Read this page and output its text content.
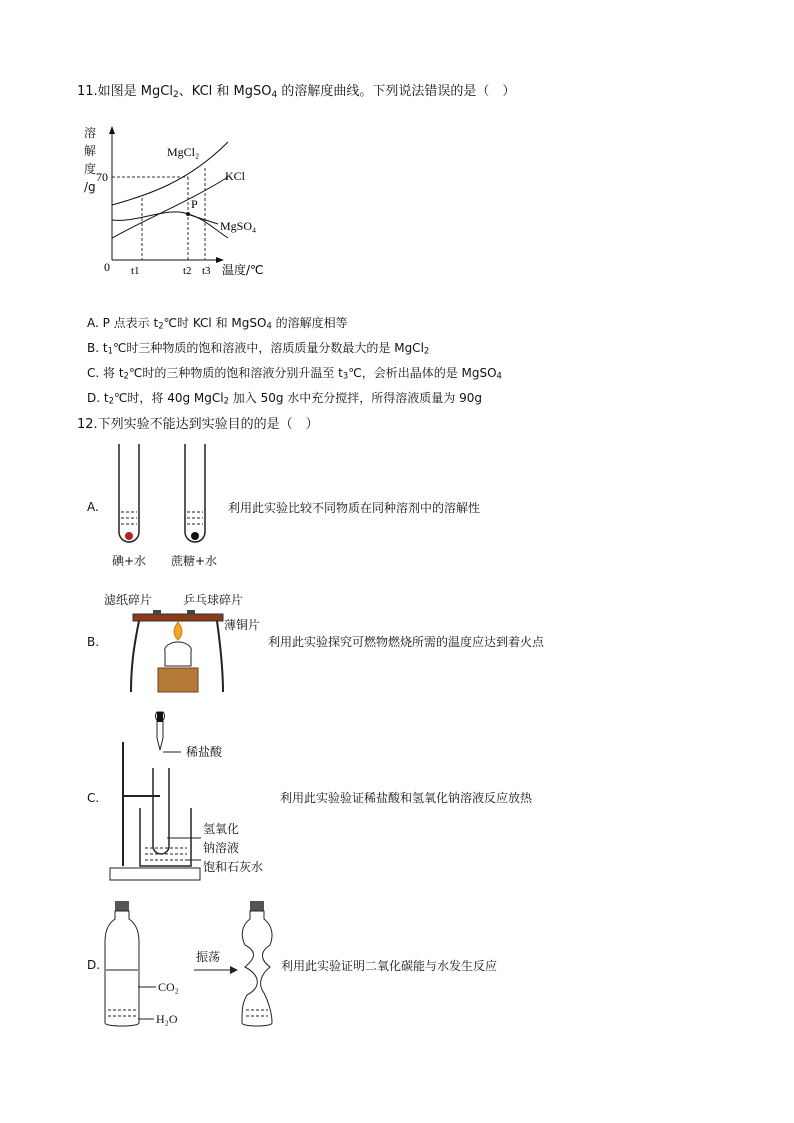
11.如图是 MgCl$_2$、KCl 和 MgSO$_4$ 的溶解度曲线。下列说法错误的是（　）
溶
解
度
/g
0
70
P
MgCl₂
KCl
MgSO₄
t1	t2 t3 温度/℃
A. P 点表示 $t_2℃$时 KCl 和 MgSO$_4$ 的溶解度相等
B. $t_1℃$时三种物质的饱和溶液中，溶质质量分数最大的是 MgCl$_2$
C. 将 $t_2℃$时的三种物质的饱和溶液分别升温至 $t_3℃$，会析出晶体的是 MgSO$_4$
D. $t_2℃$时，将 40g MgCl$_2$ 加入 50g 水中充分搅拌，所得溶液质量为 90g
12.下列实验不能达到实验目的的是（　）
A.
碘+水 蔗糖+水
利用此实验比较不同物质在同种溶剂中的溶解性
B.
滤纸碎片	乒乓球碎片
薄铜片
利用此实验探究可燃物燃烧所需的温度应达到着火点
C.
稀盐酸
氢氧化
钠溶液
饱和石灰水
利用此实验验证稀盐酸和氢氧化钠溶液反应放热
D.
振荡
CO₂
H₂O
利用此实验证明二氧化碳能与水发生反应
